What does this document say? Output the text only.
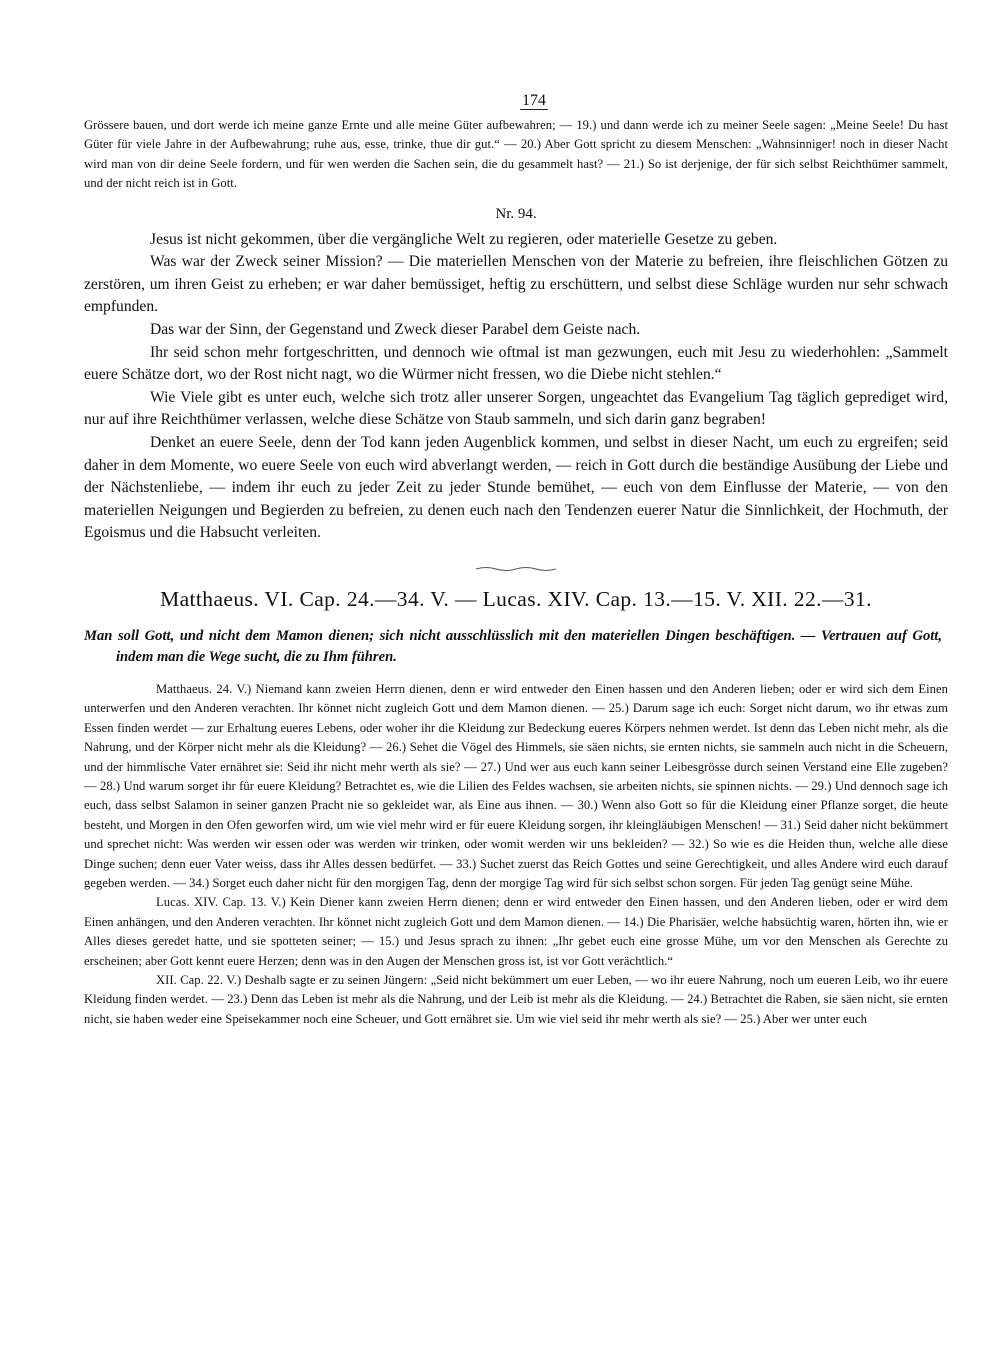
174

Grössere bauen, und dort werde ich meine ganze Ernte und alle meine Güter aufbewahren; — 19.) und dann werde ich zu meiner Seele sagen: „Meine Seele! Du hast Güter für viele Jahre in der Aufbewahrung; ruhe aus, esse, trinke, thue dir gut.“ — 20.) Aber Gott spricht zu diesem Menschen: „Wahnsinniger! noch in dieser Nacht wird man von dir deine Seele fordern, und für wen werden die Sachen sein, die du gesammelt hast? — 21.) So ist derjenige, der für sich selbst Reichthümer sammelt, und der nicht reich ist in Gott.

Nr. 94.

Jesus ist nicht gekommen, über die vergängliche Welt zu regieren, oder materielle Gesetze zu geben.

Was war der Zweck seiner Mission? — Die materiellen Menschen von der Materie zu befreien, ihre fleischlichen Götzen zu zerstören, um ihren Geist zu erheben; er war daher bemüssiget, heftig zu erschüttern, und selbst diese Schläge wurden nur sehr schwach empfunden.

Das war der Sinn, der Gegenstand und Zweck dieser Parabel dem Geiste nach.

Ihr seid schon mehr fortgeschritten, und dennoch wie oftmal ist man gezwungen, euch mit Jesu zu wiederhohlen: „Sammelt euere Schätze dort, wo der Rost nicht nagt, wo die Würmer nicht fressen, wo die Diebe nicht stehlen.“

Wie Viele gibt es unter euch, welche sich trotz aller unserer Sorgen, ungeachtet das Evangelium Tag täglich geprediget wird, nur auf ihre Reichthümer verlassen, welche diese Schätze von Staub sammeln, und sich darin ganz begraben!

Denket an euere Seele, denn der Tod kann jeden Augenblick kommen, und selbst in dieser Nacht, um euch zu ergreifen; seid daher in dem Momente, wo euere Seele von euch wird abverlangt werden, — reich in Gott durch die beständige Ausübung der Liebe und der Nächstenliebe, — indem ihr euch zu jeder Zeit zu jeder Stunde bemühet, — euch von dem Einflusse der Materie, — von den materiellen Neigungen und Begierden zu befreien, zu denen euch nach den Tendenzen euerer Natur die Sinnlichkeit, der Hochmuth, der Egoismus und die Habsucht verleiten.

Matthaeus. VI. Cap. 24.—34. V. — Lucas. XIV. Cap. 13.—15. V. XII. 22.—31.

Man soll Gott, und nicht dem Mamon dienen; sich nicht ausschlüsslich mit den materiellen Dingen beschäftigen. — Vertrauen auf Gott, indem man die Wege sucht, die zu Ihm führen.

Matthaeus. 24. V.) Niemand kann zweien Herrn dienen, denn er wird entweder den Einen hassen und den Anderen lieben; oder er wird sich dem Einen unterwerfen und den Anderen verachten. Ihr könnet nicht zugleich Gott und dem Mamon dienen. — 25.) Darum sage ich euch: Sorget nicht darum, wo ihr etwas zum Essen finden werdet — zur Erhaltung eueres Lebens, oder woher ihr die Kleidung zur Bedeckung eueres Körpers nehmen werdet. Ist denn das Leben nicht mehr, als die Nahrung, und der Körper nicht mehr als die Kleidung? — 26.) Sehet die Vögel des Himmels, sie säen nichts, sie ernten nichts, sie sammeln auch nicht in die Scheuern, und der himmlische Vater ernähret sie: Seid ihr nicht mehr werth als sie? — 27.) Und wer aus euch kann seiner Leibesgrösse durch seinen Verstand eine Elle zugeben? — 28.) Und warum sorget ihr für euere Kleidung? Betrachtet es, wie die Lilien des Feldes wachsen, sie arbeiten nichts, sie spinnen nichts. — 29.) Und dennoch sage ich euch, dass selbst Salamon in seiner ganzen Pracht nie so gekleidet war, als Eine aus ihnen. — 30.) Wenn also Gott so für die Kleidung einer Pflanze sorget, die heute besteht, und Morgen in den Ofen geworfen wird, um wie viel mehr wird er für euere Kleidung sorgen, ihr kleingläubigen Menschen! — 31.) Seid daher nicht bekümmert und sprechet nicht: Was werden wir essen oder was werden wir trinken, oder womit werden wir uns bekleiden? — 32.) So wie es die Heiden thun, welche alle diese Dinge suchen; denn euer Vater weiss, dass ihr Alles dessen bedürfet. — 33.) Suchet zuerst das Reich Gottes und seine Gerechtigkeit, und alles Andere wird euch darauf gegeben werden. — 34.) Sorget euch daher nicht für den morgigen Tag, denn der morgige Tag wird für sich selbst schon sorgen. Für jeden Tag genügt seine Mühe.

Lucas. XIV. Cap. 13. V.) Kein Diener kann zweien Herrn dienen; denn er wird entweder den Einen hassen, und den Anderen lieben, oder er wird dem Einen anhängen, und den Anderen verachten. Ihr könnet nicht zugleich Gott und dem Mamon dienen. — 14.) Die Pharisäer, welche habsüchtig waren, hörten ihn, wie er Alles dieses geredet hatte, und sie spotteten seiner; — 15.) und Jesus sprach zu ihnen: „Ihr gebet euch eine grosse Mühe, um vor den Menschen als Gerechte zu erscheinen; aber Gott kennt euere Herzen; denn was in den Augen der Menschen gross ist, ist vor Gott verächtlich.“

XII. Cap. 22. V.) Deshalb sagte er zu seinen Jüngern: „Seid nicht bekümmert um euer Leben, — wo ihr euere Nahrung, noch um eueren Leib, wo ihr euere Kleidung finden werdet. — 23.) Denn das Leben ist mehr als die Nahrung, und der Leib ist mehr als die Kleidung. — 24.) Betrachtet die Raben, sie säen nicht, sie ernten nicht, sie haben weder eine Speisekammer noch eine Scheuer, und Gott ernähret sie. Um wie viel seid ihr mehr werth als sie? — 25.) Aber wer unter euch
